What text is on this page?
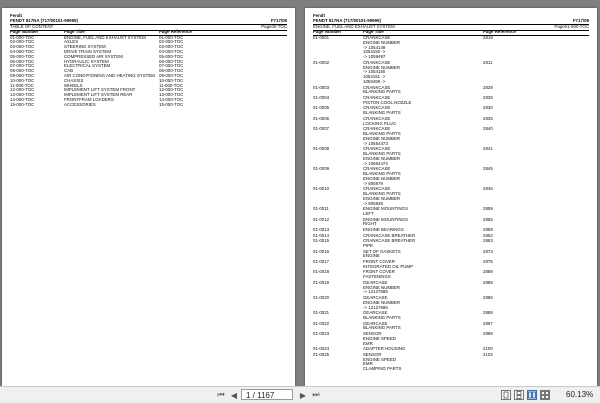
Fendt
FENDT 817NA (717/00101-99999)	F717/08
TABLE OF CONTENT	Page00-TOC
Page Number	Page Title	Page Reference
01-000-TOC	ENGINE, FUEL AND EXHAUST SYSTEM	01-000-TOC
02-000-TOC	AXLES	02-000-TOC
03-000-TOC	STEERING SYSTEM	03-000-TOC
04-000-TOC	DRIVE TRAIN SYSTEM	04-000-TOC
05-000-TOC	COMPRESSED AIR SYSTEM	05-000-TOC
06-000-TOC	HYDRAULIC SYSTEM	06-000-TOC
07-000-TOC	ELECTRICAL SYSTEM	07-000-TOC
08-000-TOC	CAB	08-000-TOC
09-000-TOC	AIR CONDITIONING AND HEATING SYSTEM 09-000-TOC
10-000-TOC	CHASSIS	10-000-TOC
11-000-TOC	WHEELS	11-000-TOC
12-000-TOC	IMPLEMENT LIFT SYSTEM FRONT	12-000-TOC
13-000-TOC	IMPLEMENT LIFT SYSTEM REAR	13-000-TOC
14-000-TOC	FRONTFRAM LOADERS	14-000-TOC
15-000-TOC	ACCESSORIES	15-000-TOC
Fendt
FENDT 817NA (717/00101-99999)	F717/08
ENGINE, FUEL AND EXHAUST SYSTEM	Page01-000-TOC
Page Number	Page Title	Page Reference
01-0001	CRANKCASE
ENGINE NUMBER
-> 1054149
1054150 ->
-> 1059497
2819
01-0002	CRANKCASE
ENGINE NUMBER
-> 1054150
1054151 ->
1059498 ->
2811
01-0003	CRANKCASE
BLANKING PARTS
2829
01-0004	CRANKCASE
PISTON COOL.NOZZLE
2835
01-0005	CRANKCASE
BLANKING PARTS
2830
01-0006	CRANKCASE
LOCKING PLUG
2835
01-0007	CRANKCASE
BLANKING PARTS
ENGINE NUMBER
-> 10654473
2840
01-0008	CRANKCASE
BLANKING PARTS
ENGINE NUMBER
-> 10654474
2841
01-0009	CRANKCASE
BLANKING PARTS
ENGINE NUMBER
-> 805979
2845
01-0010	CRANKCASE
BLANKING PARTS
ENGINE NUMBER
-> 805939
2846
01-0011	ENGINE MOUNTINGS
LEFT
2859
01-0012	ENGINE MOUNTINGS
RIGHT
2855
01-0013	ENGINE BEARINGS	2859
01-0014	CRANKCASE BREATHER	2862
01-0015	CRANKCASE BREATHER
PIPE
2863
01-0016	SET OF GASKETS
ENGINE
2873
01-0017	FRONT COVER
INTEGRATED OIL PUMP
2875
01-0018	FRONT COVER
FASTENINGS
2889
01-0019	GEARCASE
ENGINE NUMBER
-> 12127685
2885
01-0020	GEARCASE
ENGINE NUMBER
-> 12127686
2886
01-0021	GEARCASE
BLANKING PARTS
2888
01-0022	GEARCASE
BLANKING PARTS
2897
01-0023	SENSOR
ENGINE SPEED
EMR
2898
01-0024	ADAPTER HOUSING	2100
01-0025	SENSOR
ENGINE SPEED
EMR
CLAMPING PARTS
2102
⏮ ◀	1 / 1167	▶ ⏭	60.13%
